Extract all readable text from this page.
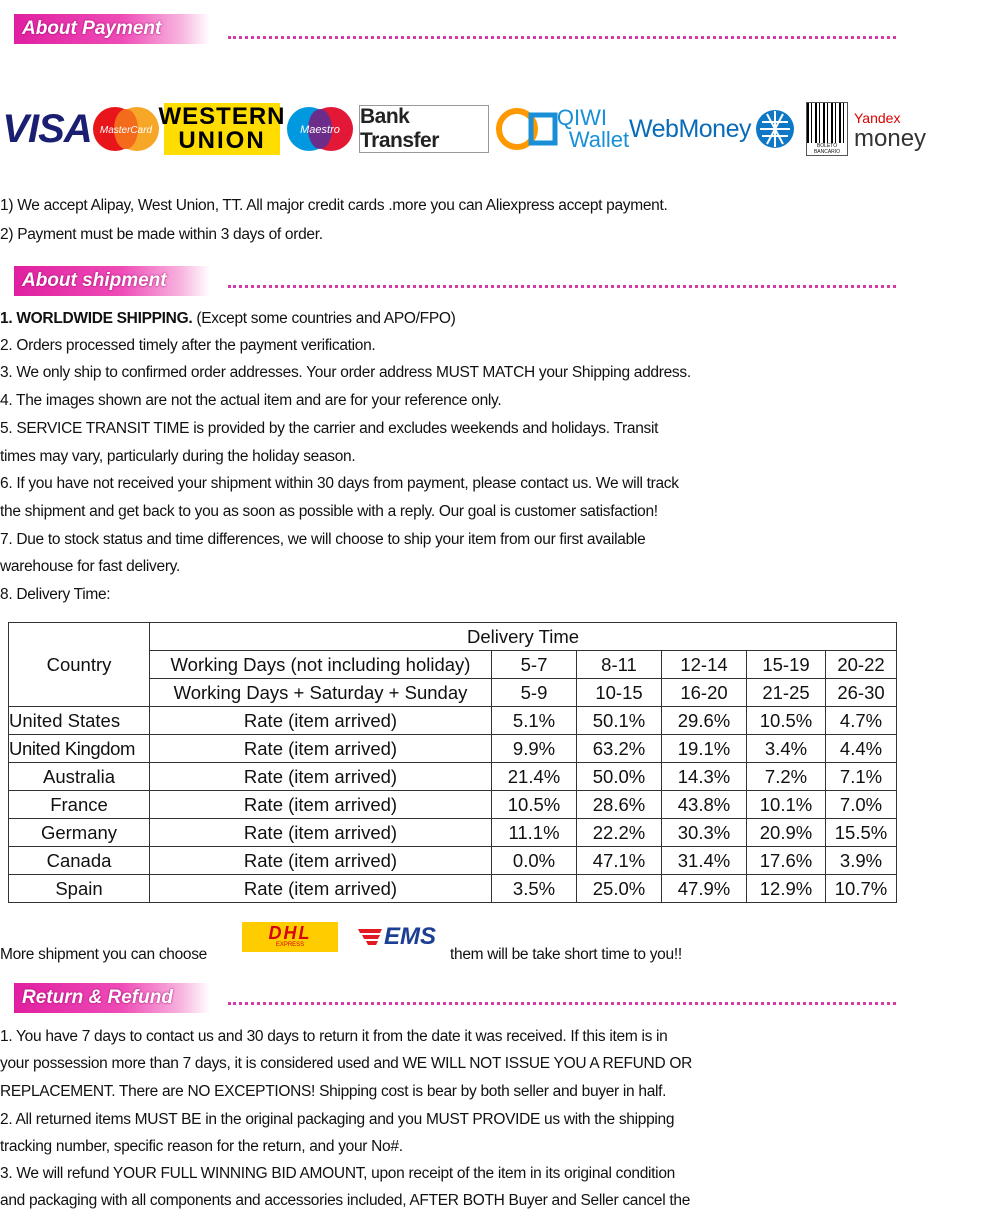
About Payment
VISA MasterCard
WESTERN
UNION	Maestro
Bank Transfer
QIWI
Wallet WebMoney
BOLETO BANCARIO
Yandex
money
1) We accept Alipay, West Union, TT. All major credit cards .more you can Aliexpress accept payment.
2) Payment must be made within 3 days of order.
About shipment
1. WORLDWIDE SHIPPING. (Except some countries and APO/FPO)
2. Orders processed timely after the payment verification.
3. We only ship to confirmed order addresses. Your order address MUST MATCH your Shipping address.
4. The images shown are not the actual item and are for your reference only.
5. SERVICE TRANSIT TIME is provided by the carrier and excludes weekends and holidays. Transit
times may vary, particularly during the holiday season.
6. If you have not received your shipment within 30 days from payment, please contact us. We will track
the shipment and get back to you as soon as possible with a reply. Our goal is customer satisfaction!
7. Due to stock status and time differences, we will choose to ship your item from our first available
warehouse for fast delivery.
8. Delivery Time:
Country	Delivery Time					
	Working Days (not including holiday)	5-7	8-11	12-14	15-19	20-22
	Working Days + Saturday + Sunday	5-9	10-15	16-20	21-25	26-30
United States	Rate (item arrived)	5.1%	50.1%	29.6%	10.5%	4.7%
United Kingdom	Rate (item arrived)	9.9%	63.2%	19.1%	3.4%	4.4%
Australia	Rate (item arrived)	21.4%	50.0%	14.3%	7.2%	7.1%
France	Rate (item arrived)	10.5%	28.6%	43.8%	10.1%	7.0%
Germany	Rate (item arrived)	11.1%	22.2%	30.3%	20.9%	15.5%
Canada	Rate (item arrived)	0.0%	47.1%	31.4%	17.6%	3.9%
Spain	Rate (item arrived)	3.5%	25.0%	47.9%	12.9%	10.7%
More shipment you can choose
DHL
EXPRESS	EMS
them will be take short time to you!!
Return & Refund
1. You have 7 days to contact us and 30 days to return it from the date it was received. If this item is in
your possession more than 7 days, it is considered used and WE WILL NOT ISSUE YOU A REFUND OR
REPLACEMENT. There are NO EXCEPTIONS! Shipping cost is bear by both seller and buyer in half.
2. All returned items MUST BE in the original packaging and you MUST PROVIDE us with the shipping
tracking number, specific reason for the return, and your No#.
3. We will refund YOUR FULL WINNING BID AMOUNT, upon receipt of the item in its original condition
and packaging with all components and accessories included, AFTER BOTH Buyer and Seller cancel the
